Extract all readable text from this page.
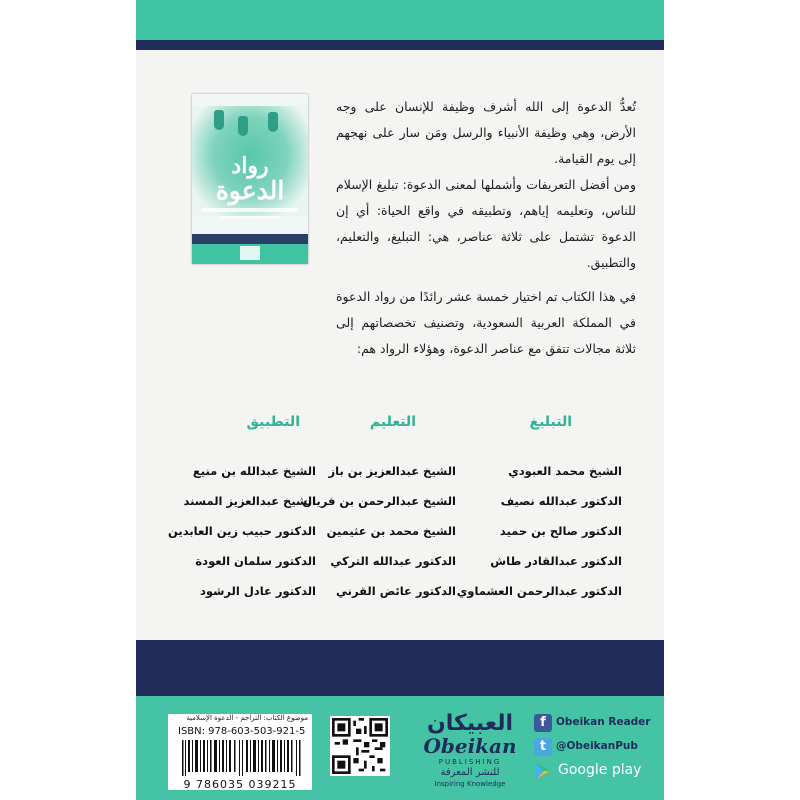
رواد
الدعوة
تُعدُّ الدعوة إلى الله أشرف وظيفة للإنسان على وجه الأرض، وهي وظيفة الأنبياء والرسل ومَن سار على نهجهم إلى يوم القيامة.
ومن أفضل التعريفات وأشملها لمعنى الدعوة: تبليغ الإسلام للناس، وتعليمه إياهم، وتطبيقه في واقع الحياة: أي إن الدعوة تشتمل على ثلاثة عناصر، هي: التبليغ، والتعليم، والتطبيق.
في هذا الكتاب تم اختيار خمسة عشر رائدًا من رواد الدعوة في المملكة العربية السعودية، وتصنيف تخصصاتهم إلى ثلاثة مجالات تتفق مع عناصر الدعوة، وهؤلاء الرواد هم:
التبليغ
التعليم
التطبيق
الشيخ محمد العبودي
الدكتور عبدالله نصيف
الدكتور صالح بن حميد
الدكتور عبدالقادر طاش
الدكتور عبدالرحمن العشماوي
الشيخ عبدالعزيز بن باز
الشيخ عبدالرحمن بن فريان
الشيخ محمد بن عثيمين
الدكتور عبدالله التركي
الدكتور عائض القرني
الشيخ عبدالله بن منيع
الشيخ عبدالعزيز المسند
الدكتور حبيب زين العابدين
الدكتور سلمان العودة
الدكتور عادل الرشود
موضوع الكتاب: التراجم - الدعوة الإسلامية
ISBN: 978-603-503-921-5
9 786035 039215
العبيكان
Obeikan
PUBLISHING
للنشر المعرفة
Inspiring Knowledge
f Obeikan Reader
t @ObeikanPub
Google play
